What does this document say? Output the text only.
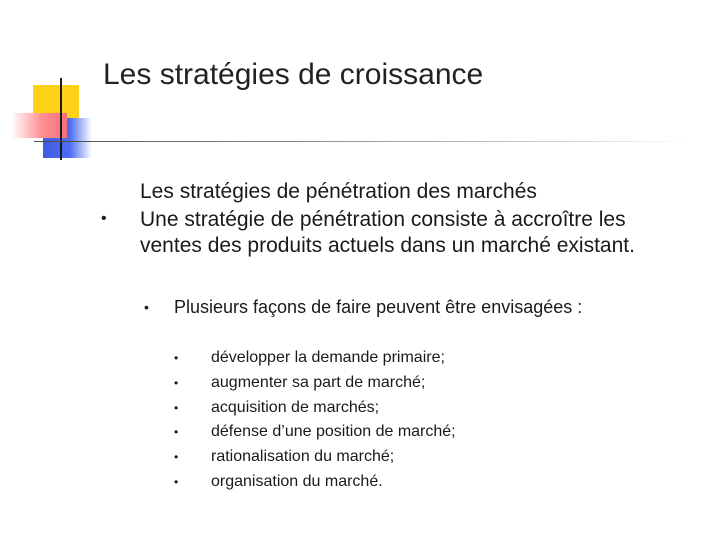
Les stratégies de croissance

Les stratégies de pénétration des marchés

• Une stratégie de pénétration consiste à accroître les ventes des produits actuels dans un marché existant.

• Plusieurs façons de faire peuvent être envisagées :

• développer la demande primaire;
• augmenter sa part de marché;
• acquisition de marchés;
• défense d’une position de marché;
• rationalisation du marché;
• organisation du marché.
